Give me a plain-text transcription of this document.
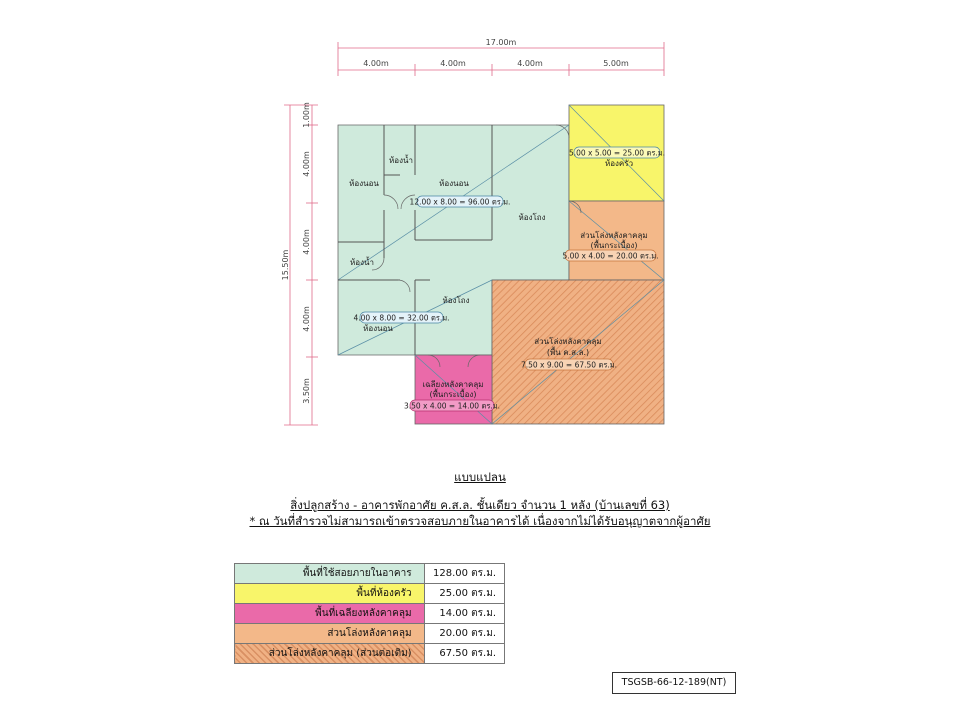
17.00m
4.00m	4.00m	4.00m	5.00m
15.50m
1.00m
4.00m
4.00m
4.00m
3.50m
ห้องนอน
ห้องน้ำ
ห้องนอน
ห้องโถง
ห้องน้ำ
ห้องโถง
ห้องนอน
ห้องครัว
ส่วนโล่งหลังคาคลุม
(พื้นกระเบื้อง)
ส่วนโล่งหลังคาคลุม
(พื้น ค.ส.ล.)
เฉลียงหลังคาคลุม
(พื้นกระเบื้อง)
12.00 x 8.00 = 96.00 ตร.ม.
4.00 x 8.00 = 32.00 ตร.ม.
5.00 x 5.00 = 25.00 ตร.ม.
5.00 x 4.00 = 20.00 ตร.ม.
7.50 x 9.00 = 67.50 ตร.ม.
3.50 x 4.00 = 14.00 ตร.ม.
แบบแปลน
สิ่งปลูกสร้าง - อาคารพักอาศัย ค.ส.ล. ชั้นเดียว จำนวน 1 หลัง (บ้านเลขที่ 63)
* ณ วันที่สำรวจไม่สามารถเข้าตรวจสอบภายในอาคารได้ เนื่องจากไม่ได้รับอนุญาตจากผู้อาศัย
พื้นที่ใช้สอยภายในอาคาร	128.00 ตร.ม.
พื้นที่ห้องครัว	25.00 ตร.ม.
พื้นที่เฉลียงหลังคาคลุม	14.00 ตร.ม.
ส่วนโล่งหลังคาคลุม	20.00 ตร.ม.
ส่วนโล่งหลังคาคลุม (ส่วนต่อเติม)	67.50 ตร.ม.
TSGSB-66-12-189(NT)
